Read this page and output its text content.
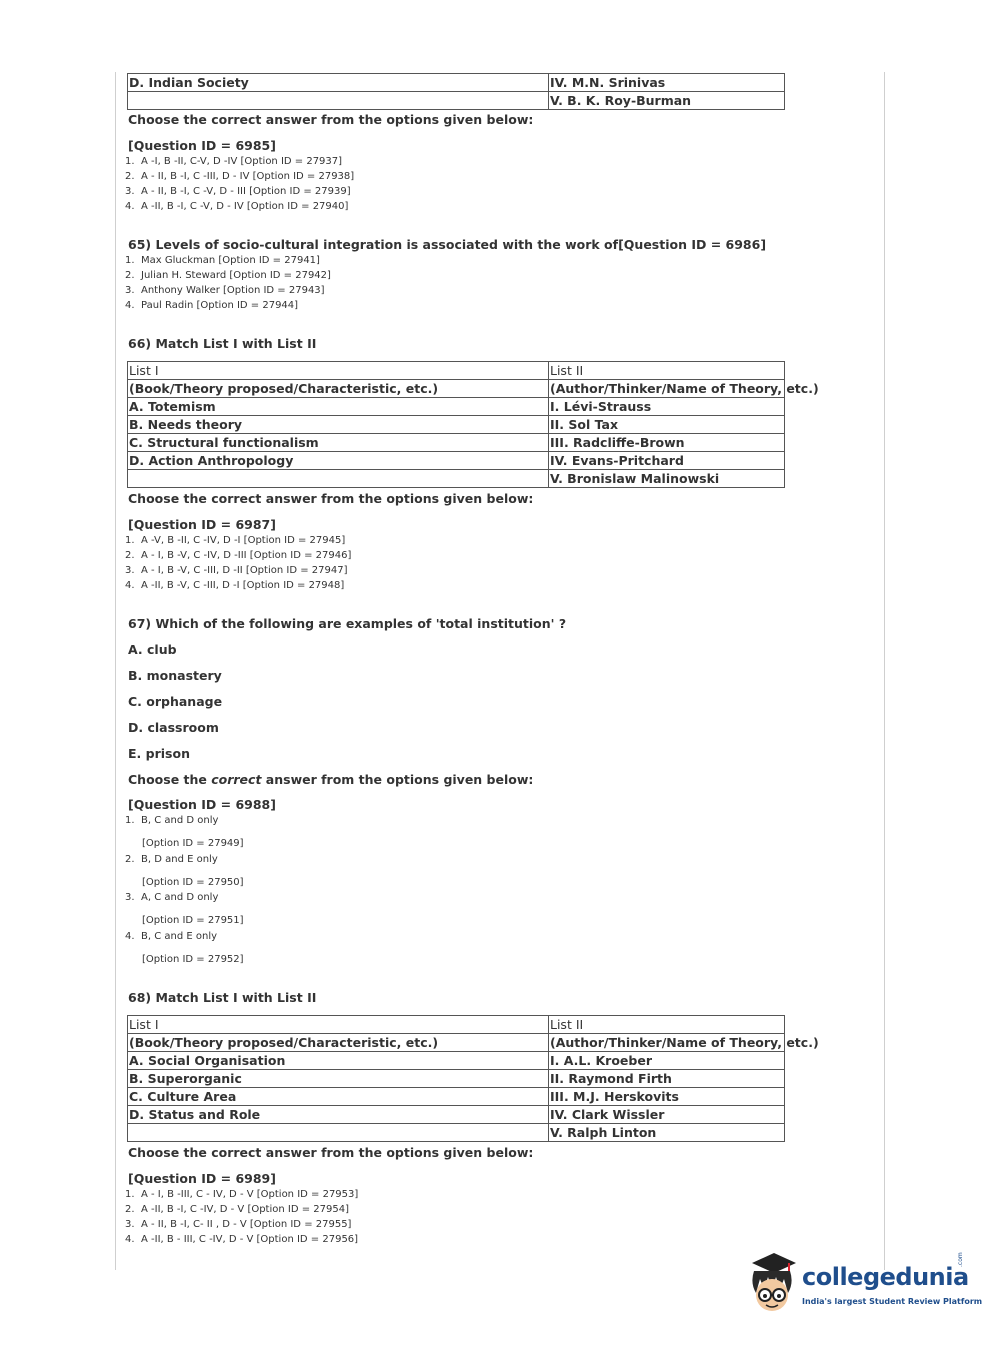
D. Indian Society	IV. M.N. Srinivas
	V. B. K. Roy-Burman
Choose the correct answer from the options given below:
[Question ID = 6985]
1. A -I, B -II, C-V, D -IV [Option ID = 27937]
2. A - II, B -I, C -III, D - IV [Option ID = 27938]
3. A - II, B -I, C -V, D - III [Option ID = 27939]
4. A -II, B -I, C -V, D - IV [Option ID = 27940]
65) Levels of socio-cultural integration is associated with the work of[Question ID = 6986]
1. Max Gluckman [Option ID = 27941]
2. Julian H. Steward [Option ID = 27942]
3. Anthony Walker [Option ID = 27943]
4. Paul Radin [Option ID = 27944]
66) Match List I with List II
List I	List II
(Book/Theory proposed/Characteristic, etc.)	(Author/Thinker/Name of Theory, etc.)
A. Totemism	I. Lévi-Strauss
B. Needs theory	II. Sol Tax
C. Structural functionalism	III. Radcliffe-Brown
D. Action Anthropology	IV. Evans-Pritchard
	V. Bronislaw Malinowski
Choose the correct answer from the options given below:
[Question ID = 6987]
1. A -V, B -II, C -IV, D -I [Option ID = 27945]
2. A - I, B -V, C -IV, D -III [Option ID = 27946]
3. A - I, B -V, C -III, D -II [Option ID = 27947]
4. A -II, B -V, C -III, D -I [Option ID = 27948]
67) Which of the following are examples of 'total institution' ?
A. club
B. monastery
C. orphanage
D. classroom
E. prison
Choose the correct answer from the options given below:
[Question ID = 6988]
1. B, C and D only
[Option ID = 27949]
2. B, D and E only
[Option ID = 27950]
3. A, C and D only
[Option ID = 27951]
4. B, C and E only
[Option ID = 27952]
68) Match List I with List II
List I	List II
(Book/Theory proposed/Characteristic, etc.)	(Author/Thinker/Name of Theory, etc.)
A. Social Organisation	I. A.L. Kroeber
B. Superorganic	II. Raymond Firth
C. Culture Area	III. M.J. Herskovits
D. Status and Role	IV. Clark Wissler
	V. Ralph Linton
Choose the correct answer from the options given below:
[Question ID = 6989]
1. A - I, B -III, C - IV, D - V [Option ID = 27953]
2. A -II, B -I, C -IV, D - V [Option ID = 27954]
3. A - II, B -I, C- II , D - V [Option ID = 27955]
4. A -II, B - III, C -IV, D - V [Option ID = 27956]
collegedunia
.com
India's largest Student Review Platform
